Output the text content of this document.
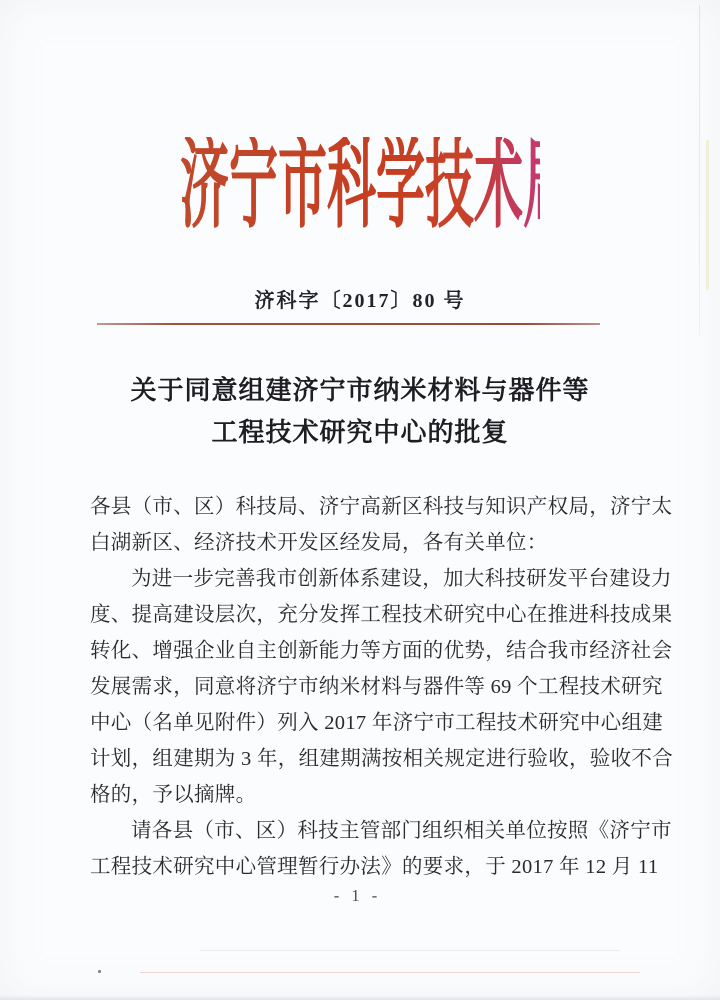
济宁市科学技术局文件
济科字〔2017〕80 号
关于同意组建济宁市纳米材料与器件等
工程技术研究中心的批复
各县（市、区）科技局、济宁高新区科技与知识产权局，济宁太
白湖新区、经济技术开发区经发局，各有关单位：
为进一步完善我市创新体系建设，加大科技研发平台建设力
度、提高建设层次，充分发挥工程技术研究中心在推进科技成果
转化、增强企业自主创新能力等方面的优势，结合我市经济社会
发展需求，同意将济宁市纳米材料与器件等 69 个工程技术研究
中心（名单见附件）列入 2017 年济宁市工程技术研究中心组建
计划，组建期为 3 年，组建期满按相关规定进行验收，验收不合
格的，予以摘牌。
请各县（市、区）科技主管部门组织相关单位按照《济宁市
工程技术研究中心管理暂行办法》的要求，于 2017 年 12 月 11
- 1 -
